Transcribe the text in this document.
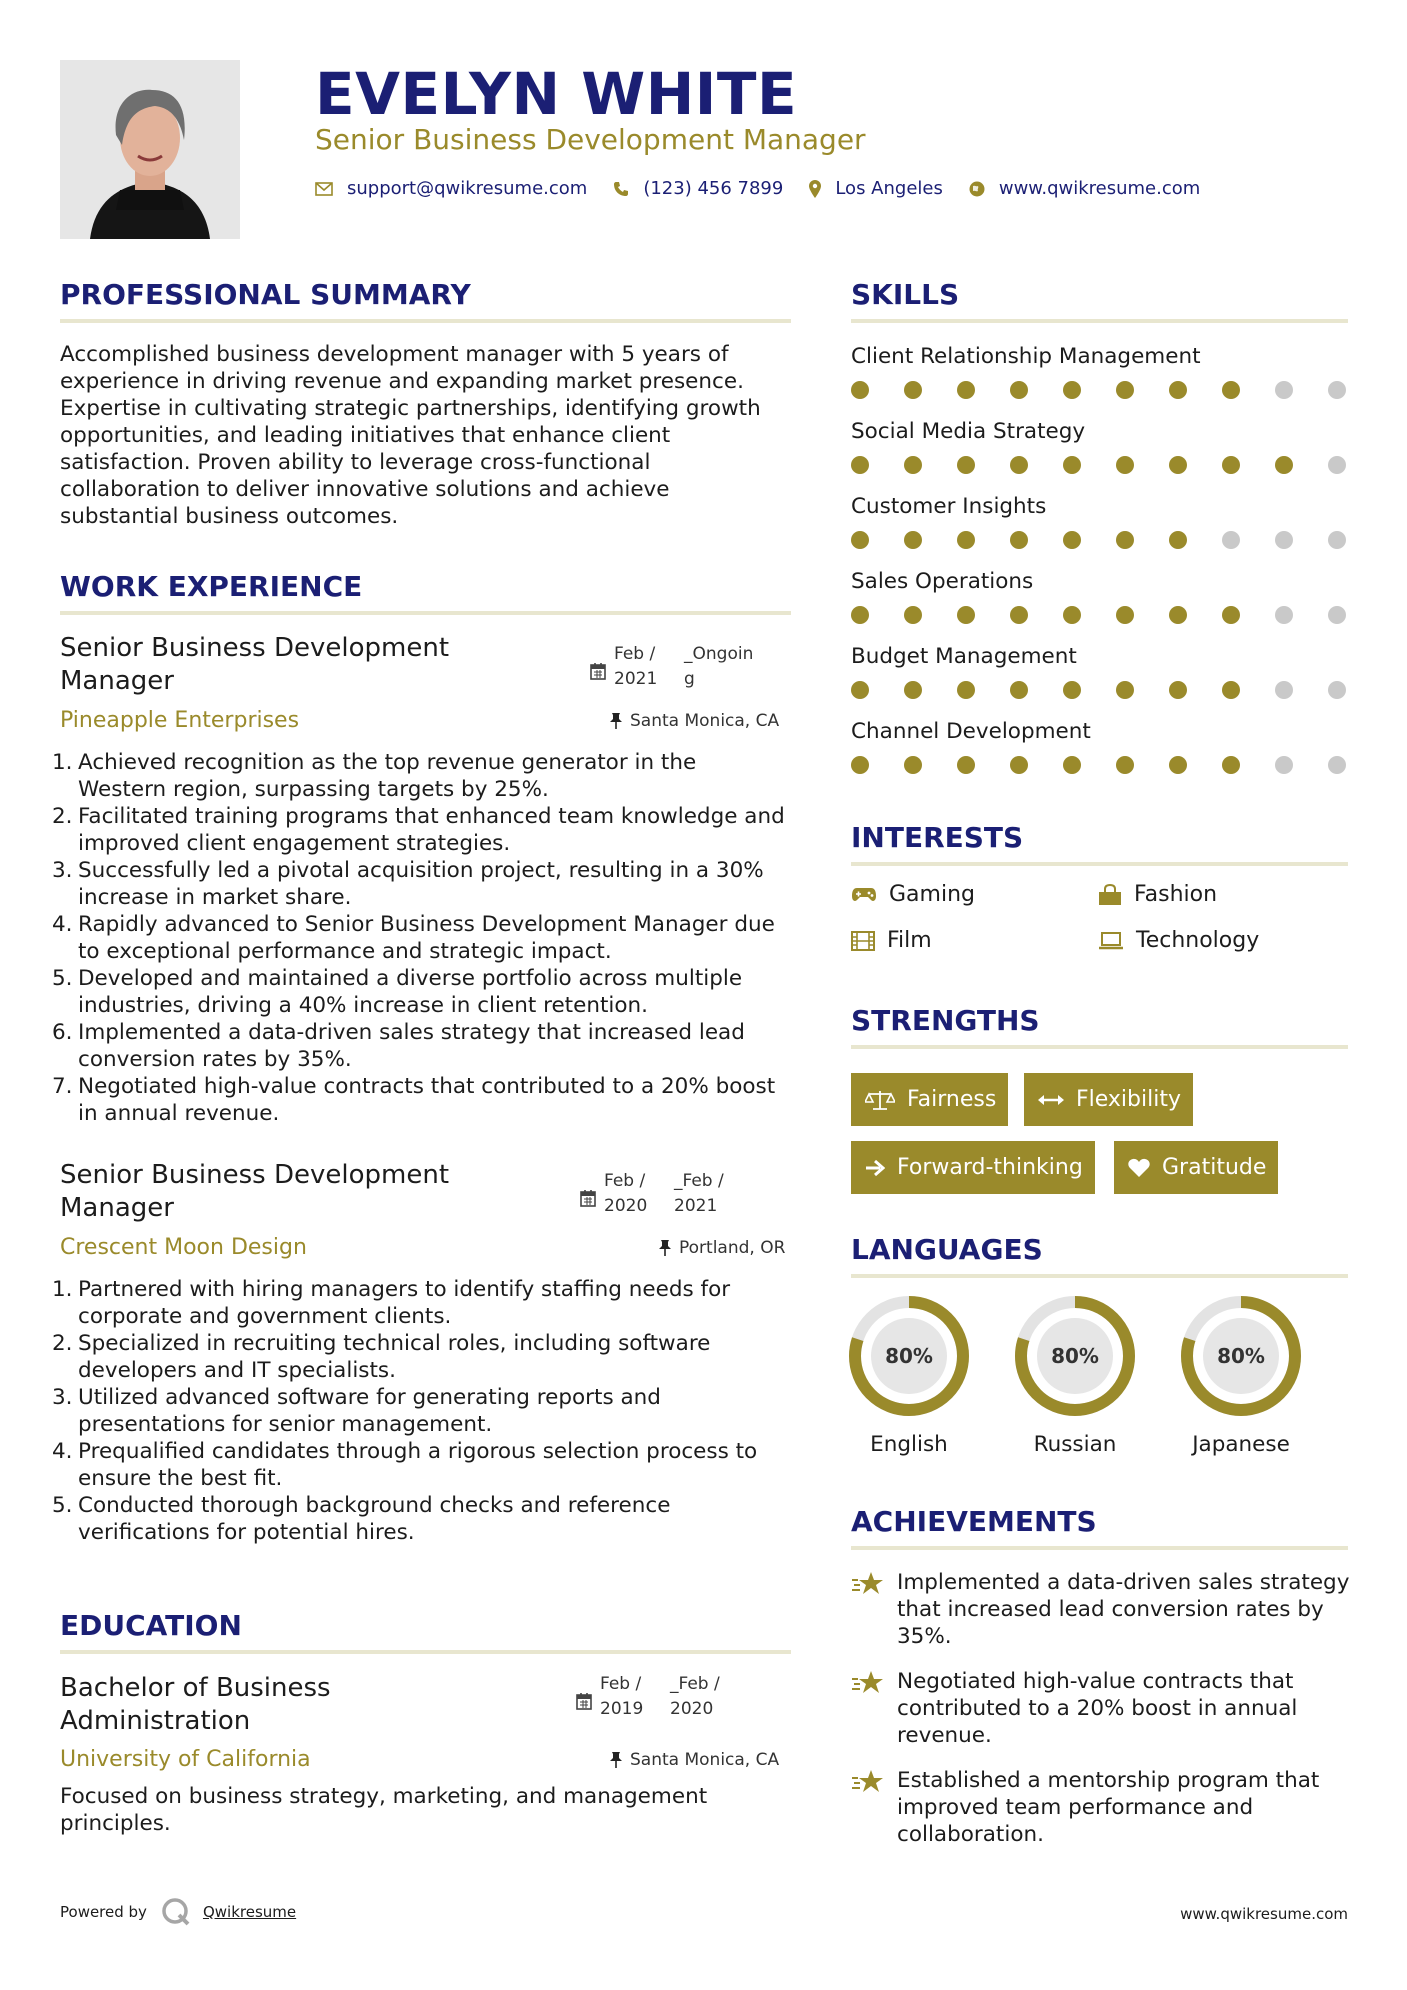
EVELYN WHITE
Senior Business Development Manager
support@qwikresume.com	(123) 456 7899	Los Angeles	www.qwikresume.com
PROFESSIONAL SUMMARY
Accomplished business development manager with 5 years of experience in driving revenue and expanding market presence. Expertise in cultivating strategic partnerships, identifying growth opportunities, and leading initiatives that enhance client satisfaction. Proven ability to leverage cross-functional collaboration to deliver innovative solutions and achieve substantial business outcomes.
WORK EXPERIENCE
Senior Business Development Manager
Feb / 2021
_Ongoin g
Pineapple Enterprises	Santa Monica, CA
1. Achieved recognition as the top revenue generator in the Western region, surpassing targets by 25%.
2. Facilitated training programs that enhanced team knowledge and improved client engagement strategies.
3. Successfully led a pivotal acquisition project, resulting in a 30% increase in market share.
4. Rapidly advanced to Senior Business Development Manager due to exceptional performance and strategic impact.
5. Developed and maintained a diverse portfolio across multiple industries, driving a 40% increase in client retention.
6. Implemented a data-driven sales strategy that increased lead conversion rates by 35%.
7. Negotiated high-value contracts that contributed to a 20% boost in annual revenue.
Senior Business Development Manager
Feb / 2020
_Feb / 2021
Crescent Moon Design	Portland, OR
1. Partnered with hiring managers to identify staffing needs for corporate and government clients.
2. Specialized in recruiting technical roles, including software developers and IT specialists.
3. Utilized advanced software for generating reports and presentations for senior management.
4. Prequalified candidates through a rigorous selection process to ensure the best fit.
5. Conducted thorough background checks and reference verifications for potential hires.
EDUCATION
Bachelor of Business Administration
Feb / 2019
_Feb / 2020
University of California	Santa Monica, CA
Focused on business strategy, marketing, and management principles.
SKILLS
Client Relationship Management
Social Media Strategy
Customer Insights
Sales Operations
Budget Management
Channel Development
INTERESTS
Gaming	Fashion
Film	Technology
STRENGTHS
Fairness	Flexibility
Forward-thinking	Gratitude
LANGUAGES
80%
English
80%
Russian
80%
Japanese
ACHIEVEMENTS
Implemented a data-driven sales strategy that increased lead conversion rates by 35%.
Negotiated high-value contracts that contributed to a 20% boost in annual revenue.
Established a mentorship program that improved team performance and collaboration.
Powered by	Qwikresume	www.qwikresume.com
